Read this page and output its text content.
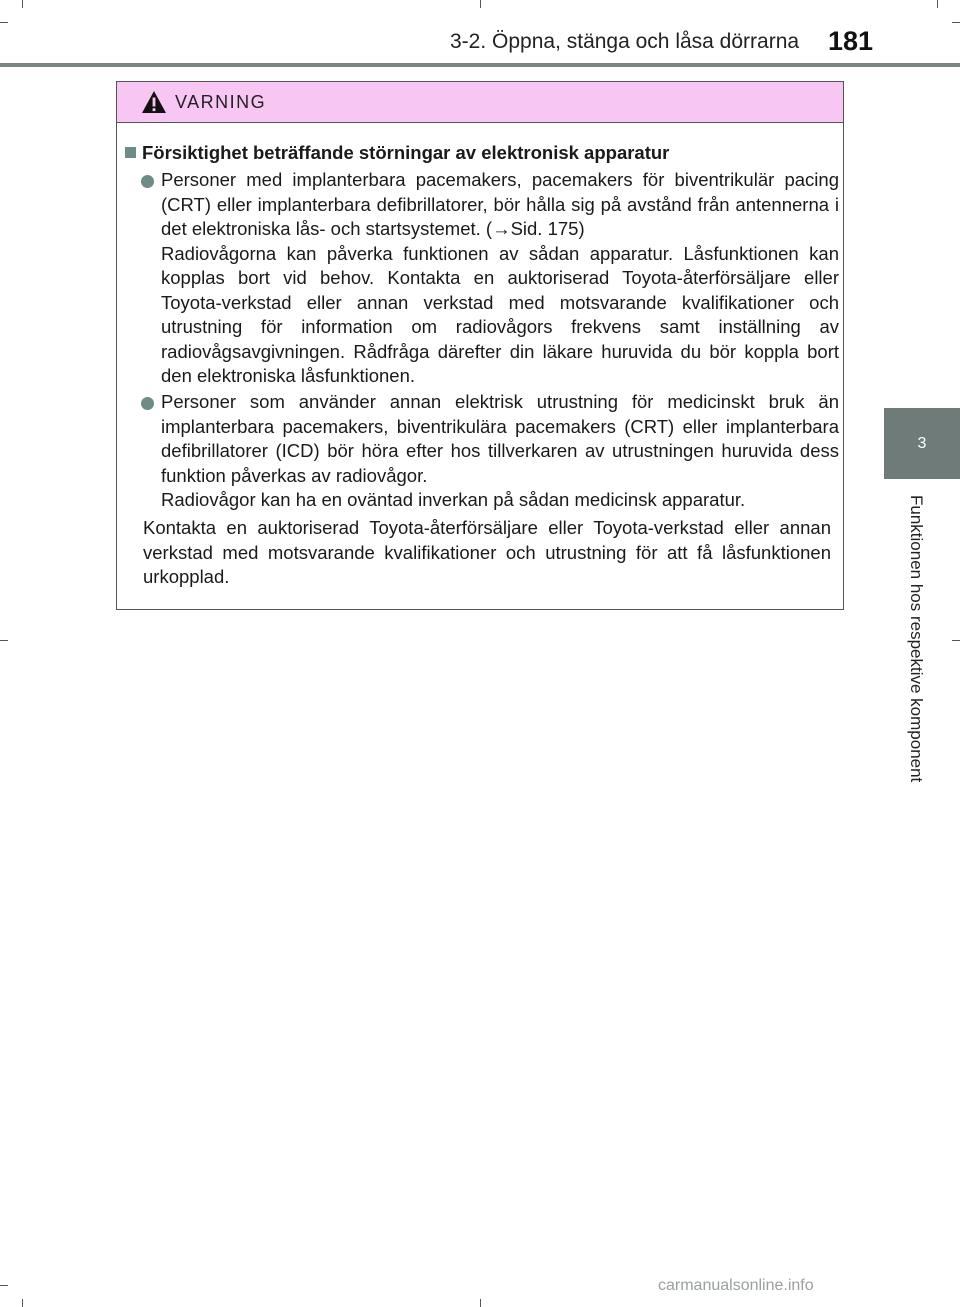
3-2. Öppna, stänga och låsa dörrarna 181
3
Funktionen hos respektive komponent
VARNING
Försiktighet beträffande störningar av elektronisk apparatur

Personer med implanterbara pacemakers, pacemakers för biventrikulär pacing (CRT) eller implanterbara defibrillatorer, bör hålla sig på avstånd från antennerna i det elektroniska lås- och startsystemet. (→Sid. 175)

Radiovågorna kan påverka funktionen av sådan apparatur. Låsfunktionen kan kopplas bort vid behov. Kontakta en auktoriserad Toyota-återförsäljare eller Toyota-verkstad eller annan verkstad med motsvarande kvalifikationer och utrustning för information om radiovågors frekvens samt inställning av radiovågsavgivningen. Rådfråga därefter din läkare huruvida du bör koppla bort den elektroniska låsfunktionen.

Personer som använder annan elektrisk utrustning för medicinskt bruk än implanterbara pacemakers, biventrikulära pacemakers (CRT) eller implanterbara defibrillatorer (ICD) bör höra efter hos tillverkaren av utrustningen huruvida dess funktion påverkas av radiovågor.

Radiovågor kan ha en oväntad inverkan på sådan medicinsk apparatur.

Kontakta en auktoriserad Toyota-återförsäljare eller Toyota-verkstad eller annan verkstad med motsvarande kvalifikationer och utrustning för att få låsfunktionen urkopplad.
carmanualsonline.info
